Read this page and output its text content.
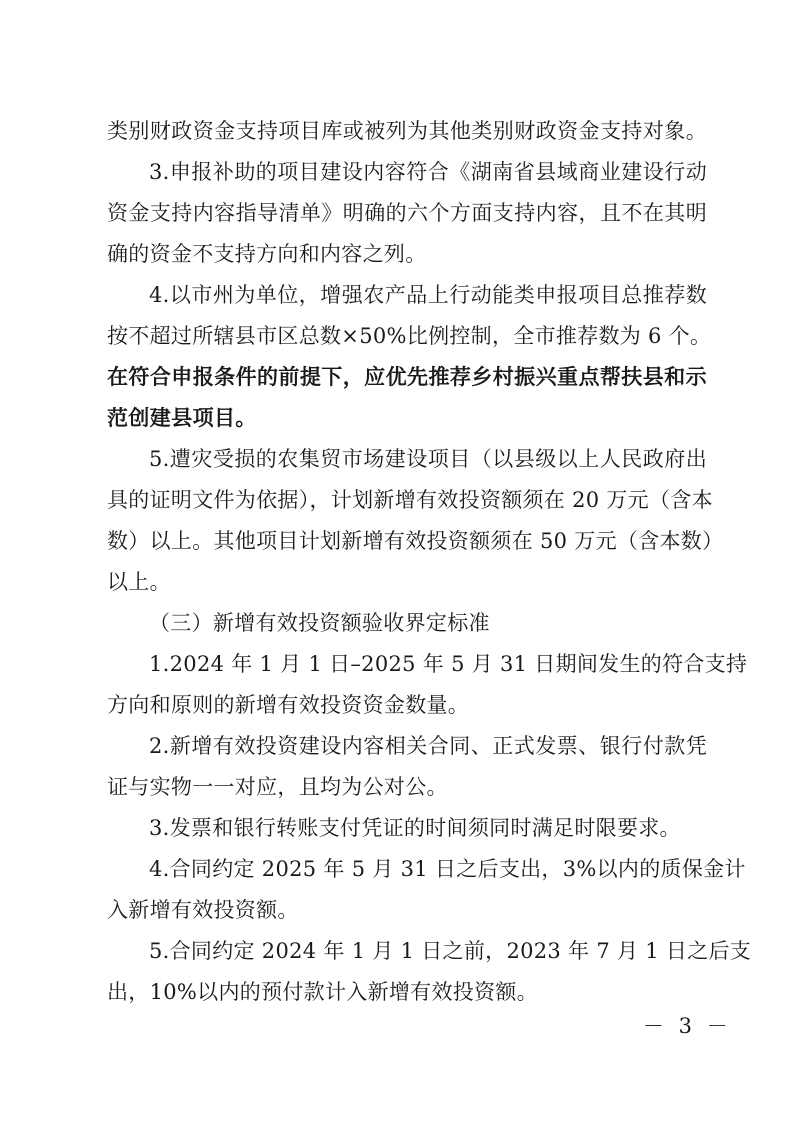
类别财政资金支持项目库或被列为其他类别财政资金支持对象。
3.申报补助的项目建设内容符合《湖南省县域商业建设行动
资金支持内容指导清单》明确的六个方面支持内容，且不在其明
确的资金不支持方向和内容之列。
4.以市州为单位，增强农产品上行动能类申报项目总推荐数
按不超过所辖县市区总数×50%比例控制，全市推荐数为 6 个。
在符合申报条件的前提下，应优先推荐乡村振兴重点帮扶县和示
范创建县项目。
5.遭灾受损的农集贸市场建设项目（以县级以上人民政府出
具的证明文件为依据），计划新增有效投资额须在 20 万元（含本
数）以上。其他项目计划新增有效投资额须在 50 万元（含本数）
以上。
（三）新增有效投资额验收界定标准
1.2024 年 1 月 1 日–2025 年 5 月 31 日期间发生的符合支持
方向和原则的新增有效投资资金数量。
2.新增有效投资建设内容相关合同、正式发票、银行付款凭
证与实物一一对应，且均为公对公。
3.发票和银行转账支付凭证的时间须同时满足时限要求。
4.合同约定 2025 年 5 月 31 日之后支出，3%以内的质保金计
入新增有效投资额。
5.合同约定 2024 年 1 月 1 日之前，2023 年 7 月 1 日之后支
出，10%以内的预付款计入新增有效投资额。
－ 3 －
